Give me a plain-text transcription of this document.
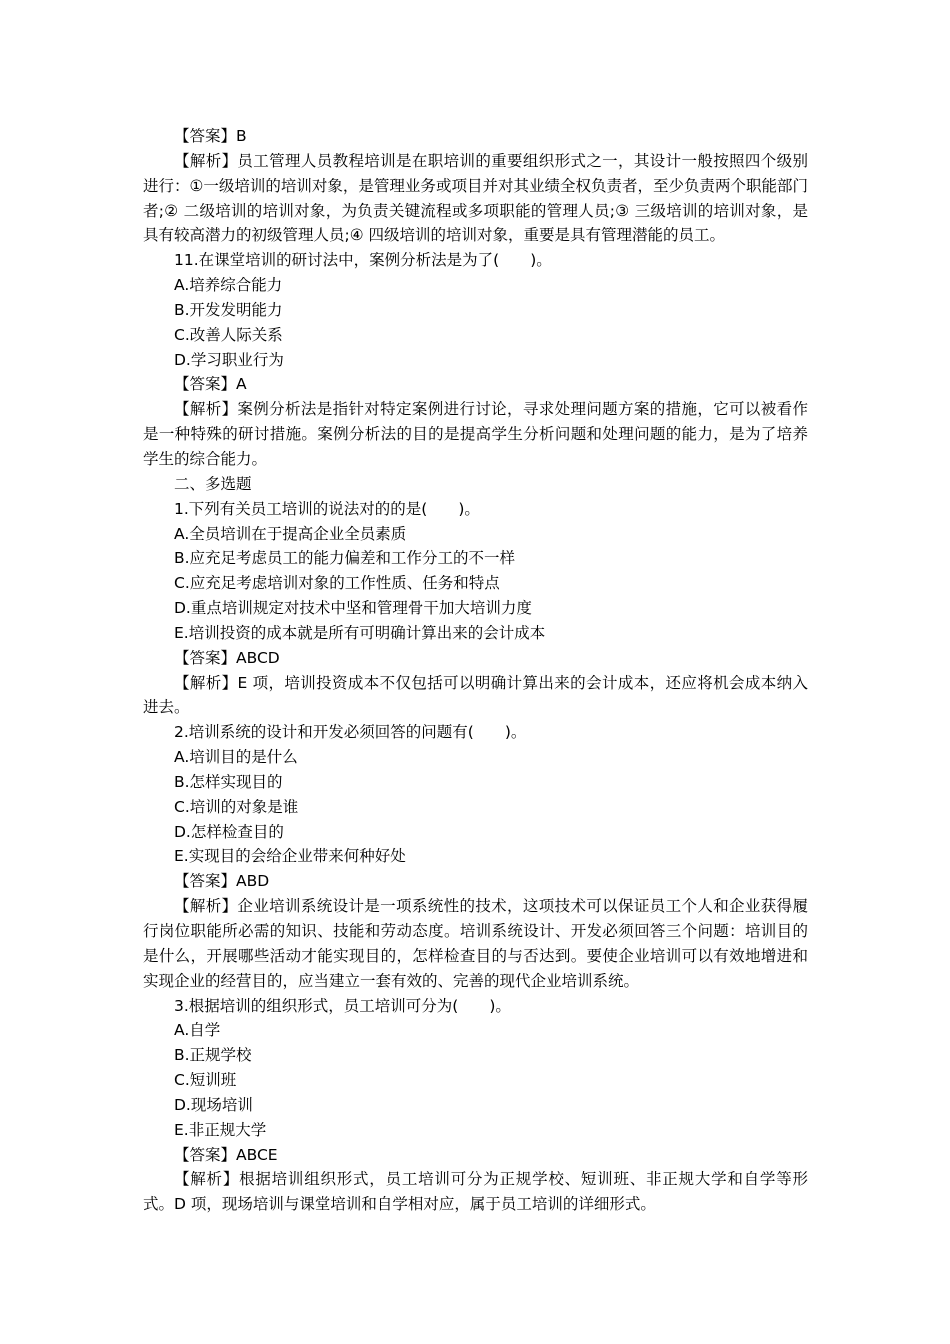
【答案】B
【解析】员工管理人员教程培训是在职培训的重要组织形式之一，其设计一般按照四个级别进行：①一级培训的培训对象，是管理业务或项目并对其业绩全权负责者，至少负责两个职能部门者;② 二级培训的培训对象，为负责关键流程或多项职能的管理人员;③ 三级培训的培训对象，是具有较高潜力的初级管理人员;④ 四级培训的培训对象，重要是具有管理潜能的员工。
11.在课堂培训的研讨法中，案例分析法是为了(　　)。
A.培养综合能力
B.开发发明能力
C.改善人际关系
D.学习职业行为
【答案】A
【解析】案例分析法是指针对特定案例进行讨论，寻求处理问题方案的措施，它可以被看作是一种特殊的研讨措施。案例分析法的目的是提高学生分析问题和处理问题的能力，是为了培养学生的综合能力。
二、多选题
1.下列有关员工培训的说法对的的是(　　)。
A.全员培训在于提高企业全员素质
B.应充足考虑员工的能力偏差和工作分工的不一样
C.应充足考虑培训对象的工作性质、任务和特点
D.重点培训规定对技术中坚和管理骨干加大培训力度
E.培训投资的成本就是所有可明确计算出来的会计成本
【答案】ABCD
【解析】E 项，培训投资成本不仅包括可以明确计算出来的会计成本，还应将机会成本纳入进去。
2.培训系统的设计和开发必须回答的问题有(　　)。
A.培训目的是什么
B.怎样实现目的
C.培训的对象是谁
D.怎样检查目的
E.实现目的会给企业带来何种好处
【答案】ABD
【解析】企业培训系统设计是一项系统性的技术，这项技术可以保证员工个人和企业获得履行岗位职能所必需的知识、技能和劳动态度。培训系统设计、开发必须回答三个问题：培训目的是什么，开展哪些活动才能实现目的，怎样检查目的与否达到。要使企业培训可以有效地增进和实现企业的经营目的，应当建立一套有效的、完善的现代企业培训系统。
3.根据培训的组织形式，员工培训可分为(　　)。
A.自学
B.正规学校
C.短训班
D.现场培训
E.非正规大学
【答案】ABCE
【解析】根据培训组织形式，员工培训可分为正规学校、短训班、非正规大学和自学等形式。D 项，现场培训与课堂培训和自学相对应，属于员工培训的详细形式。
